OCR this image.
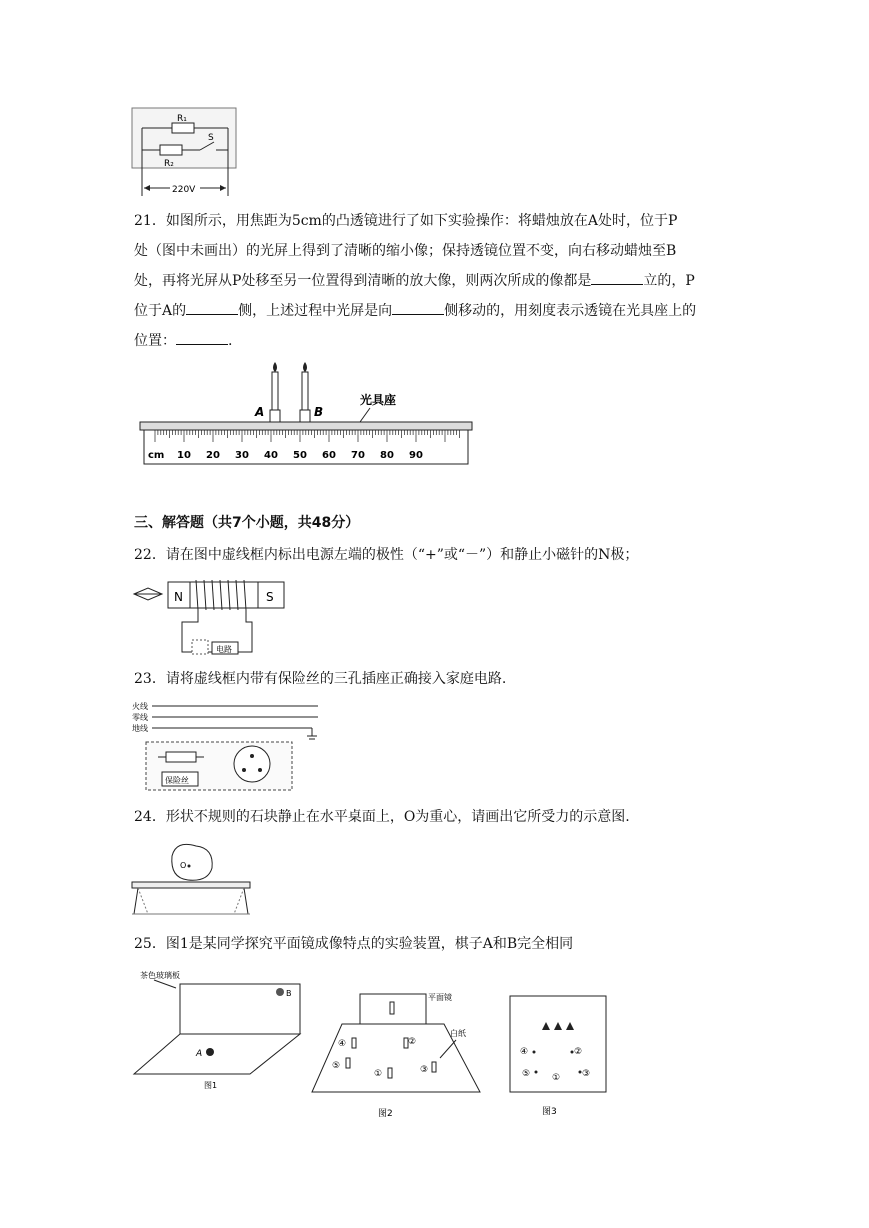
R₁
R₂
S
220V
21．如图所示，用焦距为5cm的凸透镜进行了如下实验操作：将蜡烛放在A处时，位于P
处（图中未画出）的光屏上得到了清晰的缩小像；保持透镜位置不变，向右移动蜡烛至B
处，再将光屏从P处移至另一位置得到清晰的放大像，则两次所成的像都是	立的，P
位于A的	侧，上述过程中光屏是向	侧移动的，用刻度表示透镜在光具座上的
位置：	.
10 20 30 40 50 60 70 80 90
A	B
光具座
cm
三、解答题（共7个小题，共48分）
22．请在图中虚线框内标出电源左端的极性（“+”或“－”）和静止小磁针的N极；
N	S
电路
23．请将虚线框内带有保险丝的三孔插座正确接入家庭电路.
火线
零线
地线
保险丝
24．形状不规则的石块静止在水平桌面上，O为重心，请画出它所受力的示意图.
O
25．图1是某同学探究平面镜成像特点的实验装置，棋子A和B完全相同
茶色玻璃板
B
A
图1
平面镜
白纸
④	②
⑤
①	③
图2
④	②
⑤ ① ③
图3
